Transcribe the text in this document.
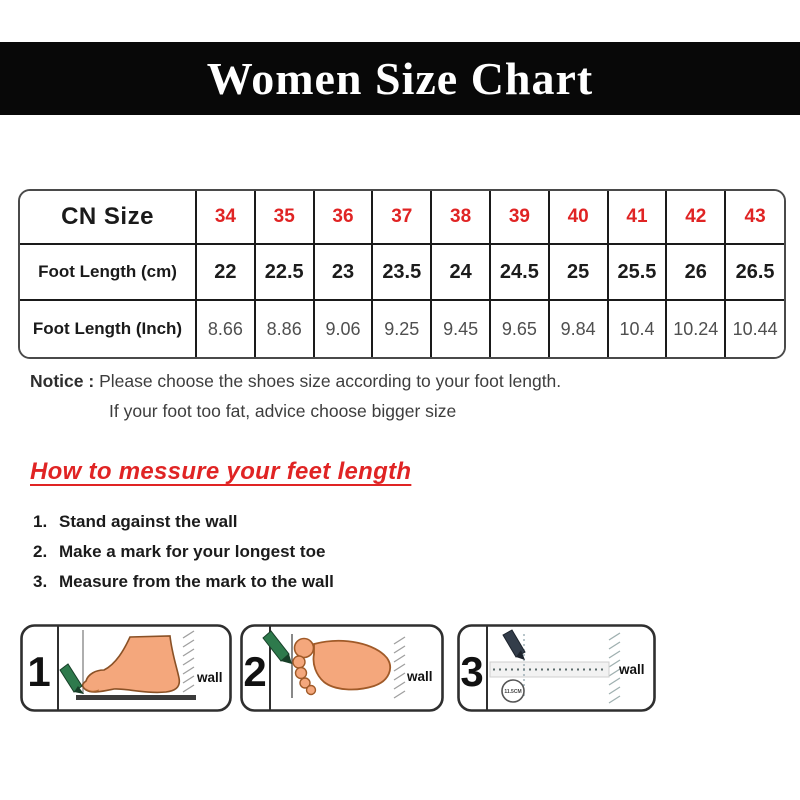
Women Size Chart
CN Size	34	35	36	37	38	39	40	41	42	43
Foot Length (cm)	22	22.5	23	23.5	24	24.5	25	25.5	26	26.5
Foot Length (Inch)	8.66	8.86	9.06	9.25	9.45	9.65	9.84	10.4	10.24	10.44
Notice : Please choose the shoes size according to your foot length.
If your foot too fat, advice choose bigger size
How to messure your feet length
1. Stand against the wall
2. Make a mark for your longest toe
3. Measure from the mark to the wall
1	wall 2	wall 3	11.5CM
wall
